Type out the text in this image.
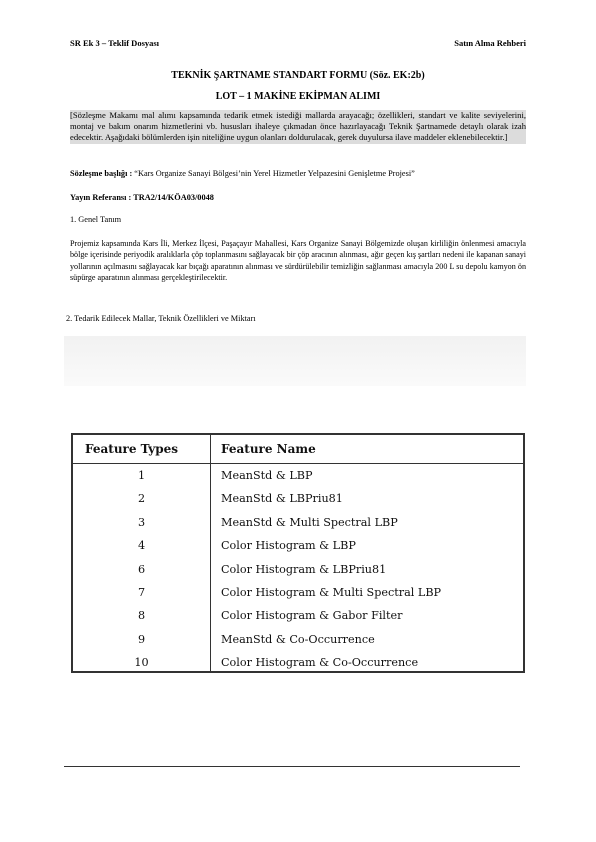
SR Ek 3 – Teklif Dosyası	Satın Alma Rehberi
TEKNİK ŞARTNAME STANDART FORMU (Söz. EK:2b)
LOT – 1 MAKİNE EKİPMAN ALIMI
[Sözleşme Makamı mal alımı kapsamında tedarik etmek istediği mallarda arayacağı; özellikleri, standart ve kalite seviyelerini, montaj ve bakım onarım hizmetlerini vb. hususları ihaleye çıkmadan önce hazırlayacağı Teknik Şartnamede detaylı olarak izah edecektir. Aşağıdaki bölümlerden işin niteliğine uygun olanları doldurulacak, gerek duyulursa ilave maddeler eklenebilecektir.]
Sözleşme başlığı : “Kars Organize Sanayi Bölgesi’nin Yerel Hizmetler Yelpazesini Genişletme Projesi”
Yayın Referansı : TRA2/14/KÖA03/0048
1. Genel Tanım
Projemiz kapsamında Kars İli, Merkez İlçesi, Paşaçayır Mahallesi, Kars Organize Sanayi Bölgemizde oluşan kirliliğin önlenmesi amacıyla bölge içerisinde periyodik aralıklarla çöp toplanmasını sağlayacak bir çöp aracının alınması, ağır geçen kış şartları nedeni ile kapanan sanayi yollarının açılmasını sağlayacak kar bıçağı aparatının alınması ve sürdürülebilir temizliğin sağlanması amacıyla 200 L su depolu kamyon ön süpürge aparatının alınması gerçekleştirilecektir.
2. Tedarik Edilecek Mallar, Teknik Özellikleri ve Miktarı
Feature Types	Feature Name
1	MeanStd & LBP
2	MeanStd & LBPriu81
3	MeanStd & Multi Spectral LBP
4	Color Histogram & LBP
6	Color Histogram & LBPriu81
7	Color Histogram & Multi Spectral LBP
8	Color Histogram & Gabor Filter
9	MeanStd & Co-Occurrence
10	Color Histogram & Co-Occurrence
